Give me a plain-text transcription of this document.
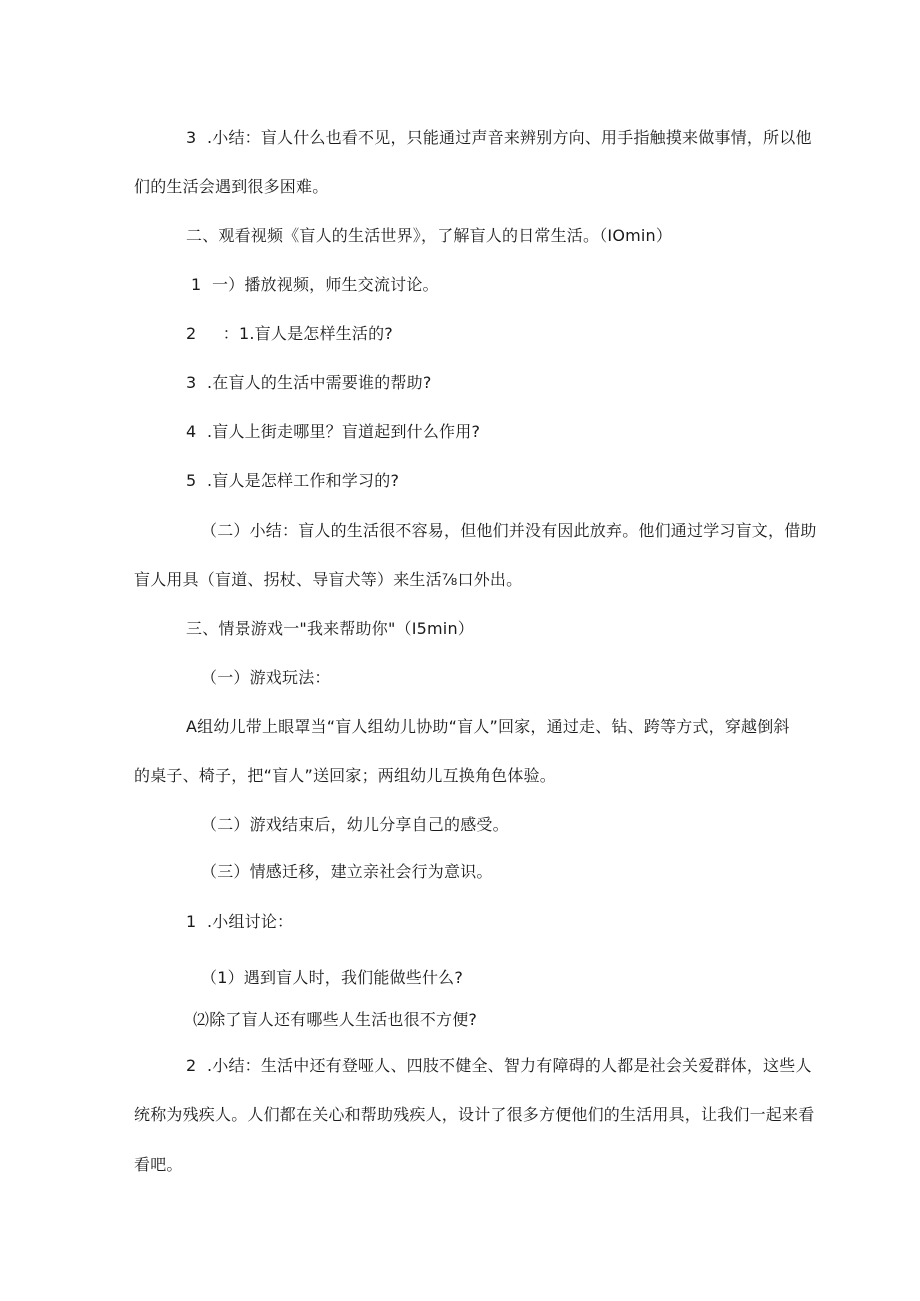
3  .小结：盲人什么也看不见，只能通过声音来辨别方向、用手指触摸来做事情，所以他
们的生活会遇到很多困难。
二、观看视频《盲人的生活世界》，了解盲人的日常生活。（IOmin）
1  一）播放视频，师生交流讨论。
2     ：1.盲人是怎样生活的?
3  .在盲人的生活中需要谁的帮助?
4  .盲人上街走哪里？盲道起到什么作用?
5  .盲人是怎样工作和学习的?
（二）小结：盲人的生活很不容易，但他们并没有因此放弃。他们通过学习盲文，借助
盲人用具（盲道、拐杖、导盲犬等）来生活⅞口外出。
三、情景游戏一"我来帮助你"（I5min）
（一）游戏玩法：
A组幼儿带上眼罩当“盲人组幼儿协助“盲人”回家，通过走、钻、跨等方式，穿越倒斜
的桌子、椅子，把“盲人”送回家；两组幼儿互换角色体验。
（二）游戏结束后，幼儿分享自己的感受。
（三）情感迁移，建立亲社会行为意识。
1  .小组讨论：
（1）遇到盲人时，我们能做些什么?
⑵除了盲人还有哪些人生活也很不方便?
2  .小结：生活中还有登哑人、四肢不健全、智力有障碍的人都是社会关爱群体，这些人
统称为残疾人。人们都在关心和帮助残疾人，设计了很多方便他们的生活用具，让我们一起来看
看吧。
